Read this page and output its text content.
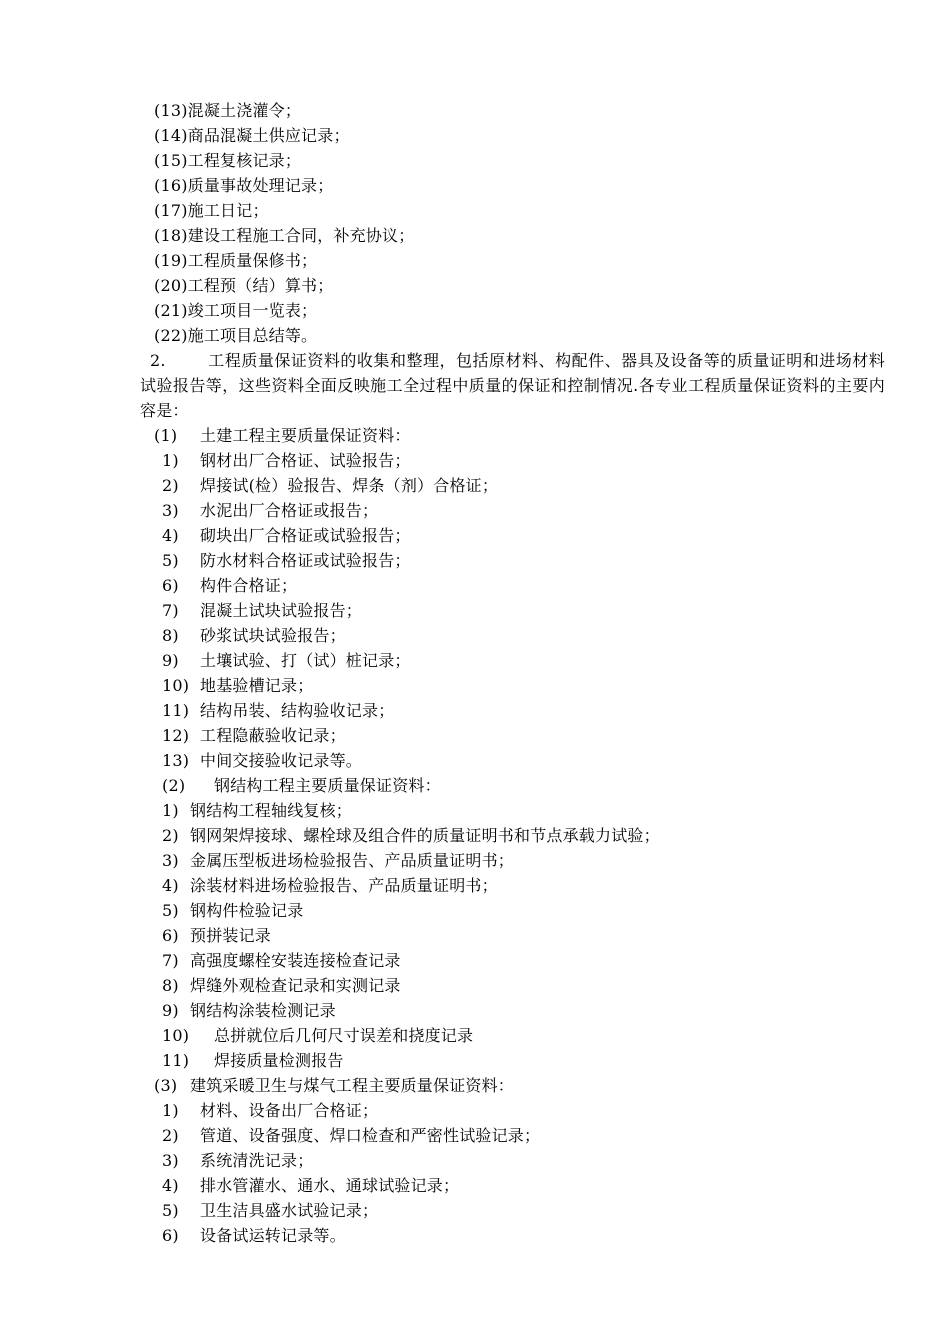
(13)混凝土浇灌令；
(14)商品混凝土供应记录；
(15)工程复核记录；
(16)质量事故处理记录；
(17)施工日记；
(18)建设工程施工合同，补充协议；
(19)工程质量保修书；
(20)工程预（结）算书；
(21)竣工项目一览表；
(22)施工项目总结等。
2.	工程质量保证资料的收集和整理，包括原材料、构配件、器具及设备等的质量证明和进场材料试验报告等，这些资料全面反映施工全过程中质量的保证和控制情况.各专业工程质量保证资料的主要内容是：
(1) 土建工程主要质量保证资料：
1) 钢材出厂合格证、试验报告；
2) 焊接试(检）验报告、焊条（剂）合格证；
3) 水泥出厂合格证或报告；
4) 砌块出厂合格证或试验报告；
5) 防水材料合格证或试验报告；
6) 构件合格证；
7) 混凝土试块试验报告；
8) 砂浆试块试验报告；
9) 土壤试验、打（试）桩记录；
10) 地基验槽记录；
11) 结构吊装、结构验收记录；
12) 工程隐蔽验收记录；
13) 中间交接验收记录等。
(2) 钢结构工程主要质量保证资料：
1) 钢结构工程轴线复核；
2) 钢网架焊接球、螺栓球及组合件的质量证明书和节点承载力试验；
3) 金属压型板进场检验报告、产品质量证明书；
4) 涂装材料进场检验报告、产品质量证明书；
5) 钢构件检验记录
6) 预拼装记录
7) 高强度螺栓安装连接检查记录
8) 焊缝外观检查记录和实测记录
9) 钢结构涂装检测记录
10) 总拼就位后几何尺寸误差和挠度记录
11) 焊接质量检测报告
(3) 建筑采暖卫生与煤气工程主要质量保证资料：
1) 材料、设备出厂合格证；
2) 管道、设备强度、焊口检查和严密性试验记录；
3) 系统清洗记录；
4) 排水管灌水、通水、通球试验记录；
5) 卫生洁具盛水试验记录；
6) 设备试运转记录等。
